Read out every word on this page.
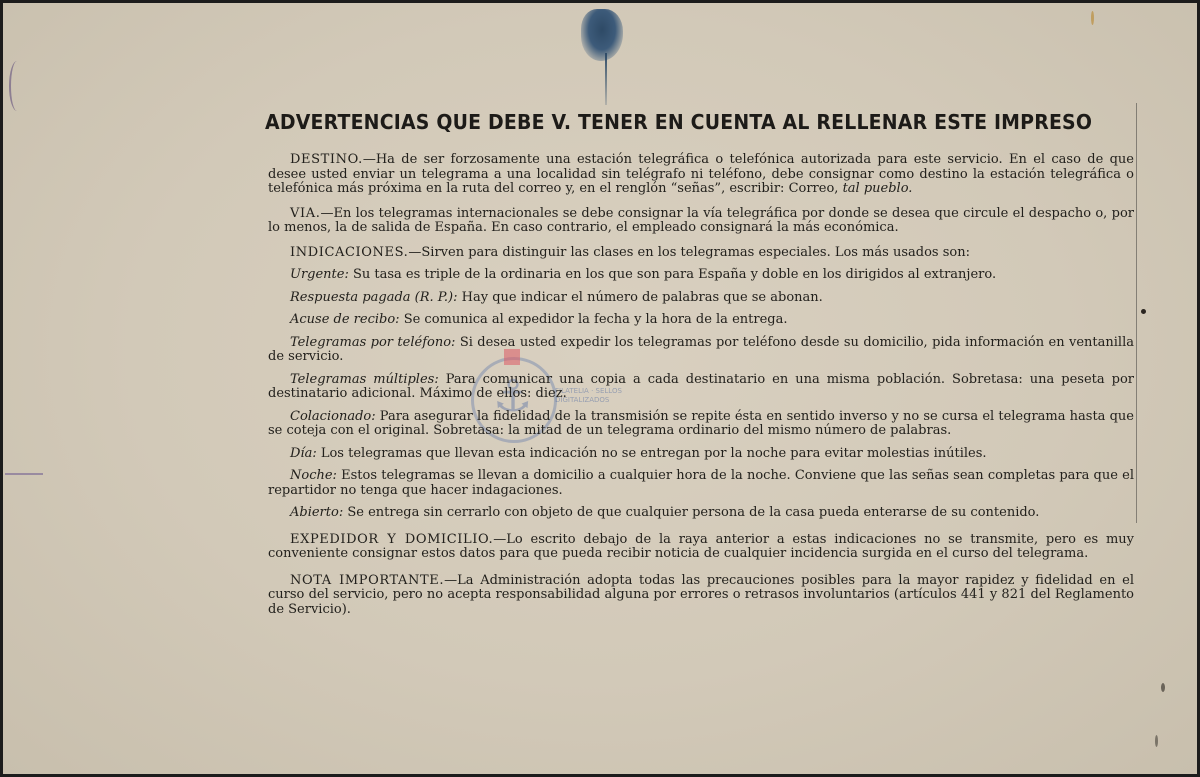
⚓	FILATELIA · SELLOS DIGITALIZADOS
ADVERTENCIAS QUE DEBE V. TENER EN CUENTA AL RELLENAR ESTE IMPRESO

DESTINO.—Ha de ser forzosamente una estación telegráfica o telefónica autorizada para este servicio. En el caso de que desee usted enviar un telegrama a una localidad sin telégrafo ni teléfono, debe consignar como destino la estación telegráfica o telefónica más próxima en la ruta del correo y, en el renglón “señas”, escribir: Correo, tal pueblo.

VIA.—En los telegramas internacionales se debe consignar la vía telegráfica por donde se desea que circule el despacho o, por lo menos, la de salida de España. En caso contrario, el empleado consignará la más económica.

INDICACIONES.—Sirven para distinguir las clases en los telegramas especiales. Los más usados son:

Urgente: Su tasa es triple de la ordinaria en los que son para España y doble en los dirigidos al extranjero.

Respuesta pagada (R. P.): Hay que indicar el número de palabras que se abonan.

Acuse de recibo: Se comunica al expedidor la fecha y la hora de la entrega.

Telegramas por teléfono: Si desea usted expedir los telegramas por teléfono desde su domicilio, pida información en ventanilla de servicio.

Telegramas múltiples: Para comunicar una copia a cada destinatario en una misma población. Sobretasa: una peseta por destinatario adicional. Máximo de ellos: diez.

Colacionado: Para asegurar la fidelidad de la transmisión se repite ésta en sentido inverso y no se cursa el telegrama hasta que se coteja con el original. Sobretasa: la mitad de un telegrama ordinario del mismo número de palabras.

Día: Los telegramas que llevan esta indicación no se entregan por la noche para evitar molestias inútiles.

Noche: Estos telegramas se llevan a domicilio a cualquier hora de la noche. Conviene que las señas sean completas para que el repartidor no tenga que hacer indagaciones.

Abierto: Se entrega sin cerrarlo con objeto de que cualquier persona de la casa pueda enterarse de su contenido.

EXPEDIDOR Y DOMICILIO.—Lo escrito debajo de la raya anterior a estas indicaciones no se transmite, pero es muy conveniente consignar estos datos para que pueda recibir noticia de cualquier incidencia surgida en el curso del telegrama.

NOTA IMPORTANTE.—La Administración adopta todas las precauciones posibles para la mayor rapidez y fidelidad en el curso del servicio, pero no acepta responsabilidad alguna por errores o retrasos involuntarios (artículos 441 y 821 del Reglamento de Servicio).
